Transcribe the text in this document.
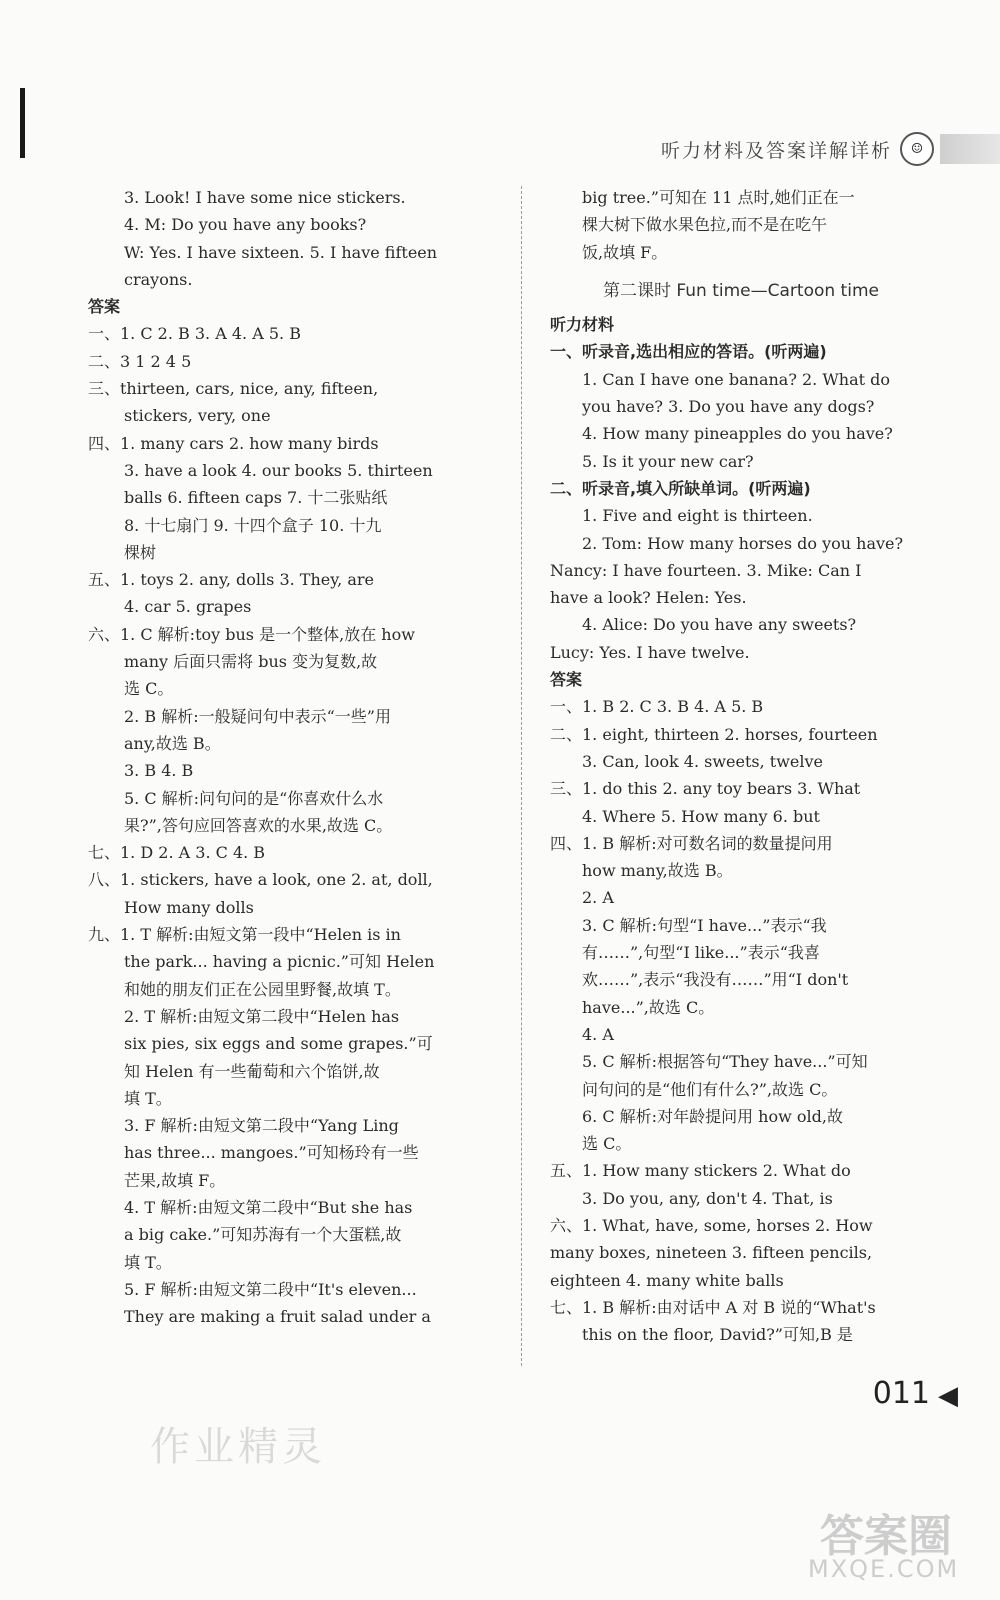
听力材料及答案详解详析	☺
3. Look! I have some nice stickers.
4. M: Do you have any books?
W: Yes. I have sixteen. 5. I have fifteen
crayons.
答案
一、1. C 2. B 3. A 4. A 5. B
二、3 1 2 4 5
三、thirteen, cars, nice, any, fifteen,
stickers, very, one
四、1. many cars 2. how many birds
3. have a look 4. our books 5. thirteen
balls 6. fifteen caps 7. 十二张贴纸
8. 十七扇门 9. 十四个盒子 10. 十九
棵树
五、1. toys 2. any, dolls 3. They, are
4. car 5. grapes
六、1. C 解析:toy bus 是一个整体,放在 how
many 后面只需将 bus 变为复数,故
选 C。
2. B 解析:一般疑问句中表示“一些”用
any,故选 B。
3. B 4. B
5. C 解析:问句问的是“你喜欢什么水
果?”,答句应回答喜欢的水果,故选 C。
七、1. D 2. A 3. C 4. B
八、1. stickers, have a look, one 2. at, doll,
How many dolls
九、1. T 解析:由短文第一段中“Helen is in
the park... having a picnic.”可知 Helen
和她的朋友们正在公园里野餐,故填 T。
2. T 解析:由短文第二段中“Helen has
six pies, six eggs and some grapes.”可
知 Helen 有一些葡萄和六个馅饼,故
填 T。
3. F 解析:由短文第二段中“Yang Ling
has three... mangoes.”可知杨玲有一些
芒果,故填 F。
4. T 解析:由短文第二段中“But she has
a big cake.”可知苏海有一个大蛋糕,故
填 T。
5. F 解析:由短文第二段中“It's eleven...
They are making a fruit salad under a
big tree.”可知在 11 点时,她们正在一
棵大树下做水果色拉,而不是在吃午
饭,故填 F。
第二课时 Fun time—Cartoon time
听力材料
一、听录音,选出相应的答语。(听两遍)
1. Can I have one banana? 2. What do
you have? 3. Do you have any dogs?
4. How many pineapples do you have?
5. Is it your new car?
二、听录音,填入所缺单词。(听两遍)
1. Five and eight is thirteen.
2. Tom: How many horses do you have?
Nancy: I have fourteen. 3. Mike: Can I
have a look? Helen: Yes.
4. Alice: Do you have any sweets?
Lucy: Yes. I have twelve.
答案
一、1. B 2. C 3. B 4. A 5. B
二、1. eight, thirteen 2. horses, fourteen
3. Can, look 4. sweets, twelve
三、1. do this 2. any toy bears 3. What
4. Where 5. How many 6. but
四、1. B 解析:对可数名词的数量提问用
how many,故选 B。
2. A
3. C 解析:句型“I have...”表示“我
有……”,句型“I like...”表示“我喜
欢……”,表示“我没有……”用“I don't
have...”,故选 C。
4. A
5. C 解析:根据答句“They have...”可知
问句问的是“他们有什么?”,故选 C。
6. C 解析:对年龄提问用 how old,故
选 C。
五、1. How many stickers 2. What do
3. Do you, any, don't 4. That, is
六、1. What, have, some, horses 2. How
many boxes, nineteen 3. fifteen pencils,
eighteen 4. many white balls
七、1. B 解析:由对话中 A 对 B 说的“What's
this on the floor, David?”可知,B 是
011 ◀
作业精灵
答案圈
MXQE.COM
